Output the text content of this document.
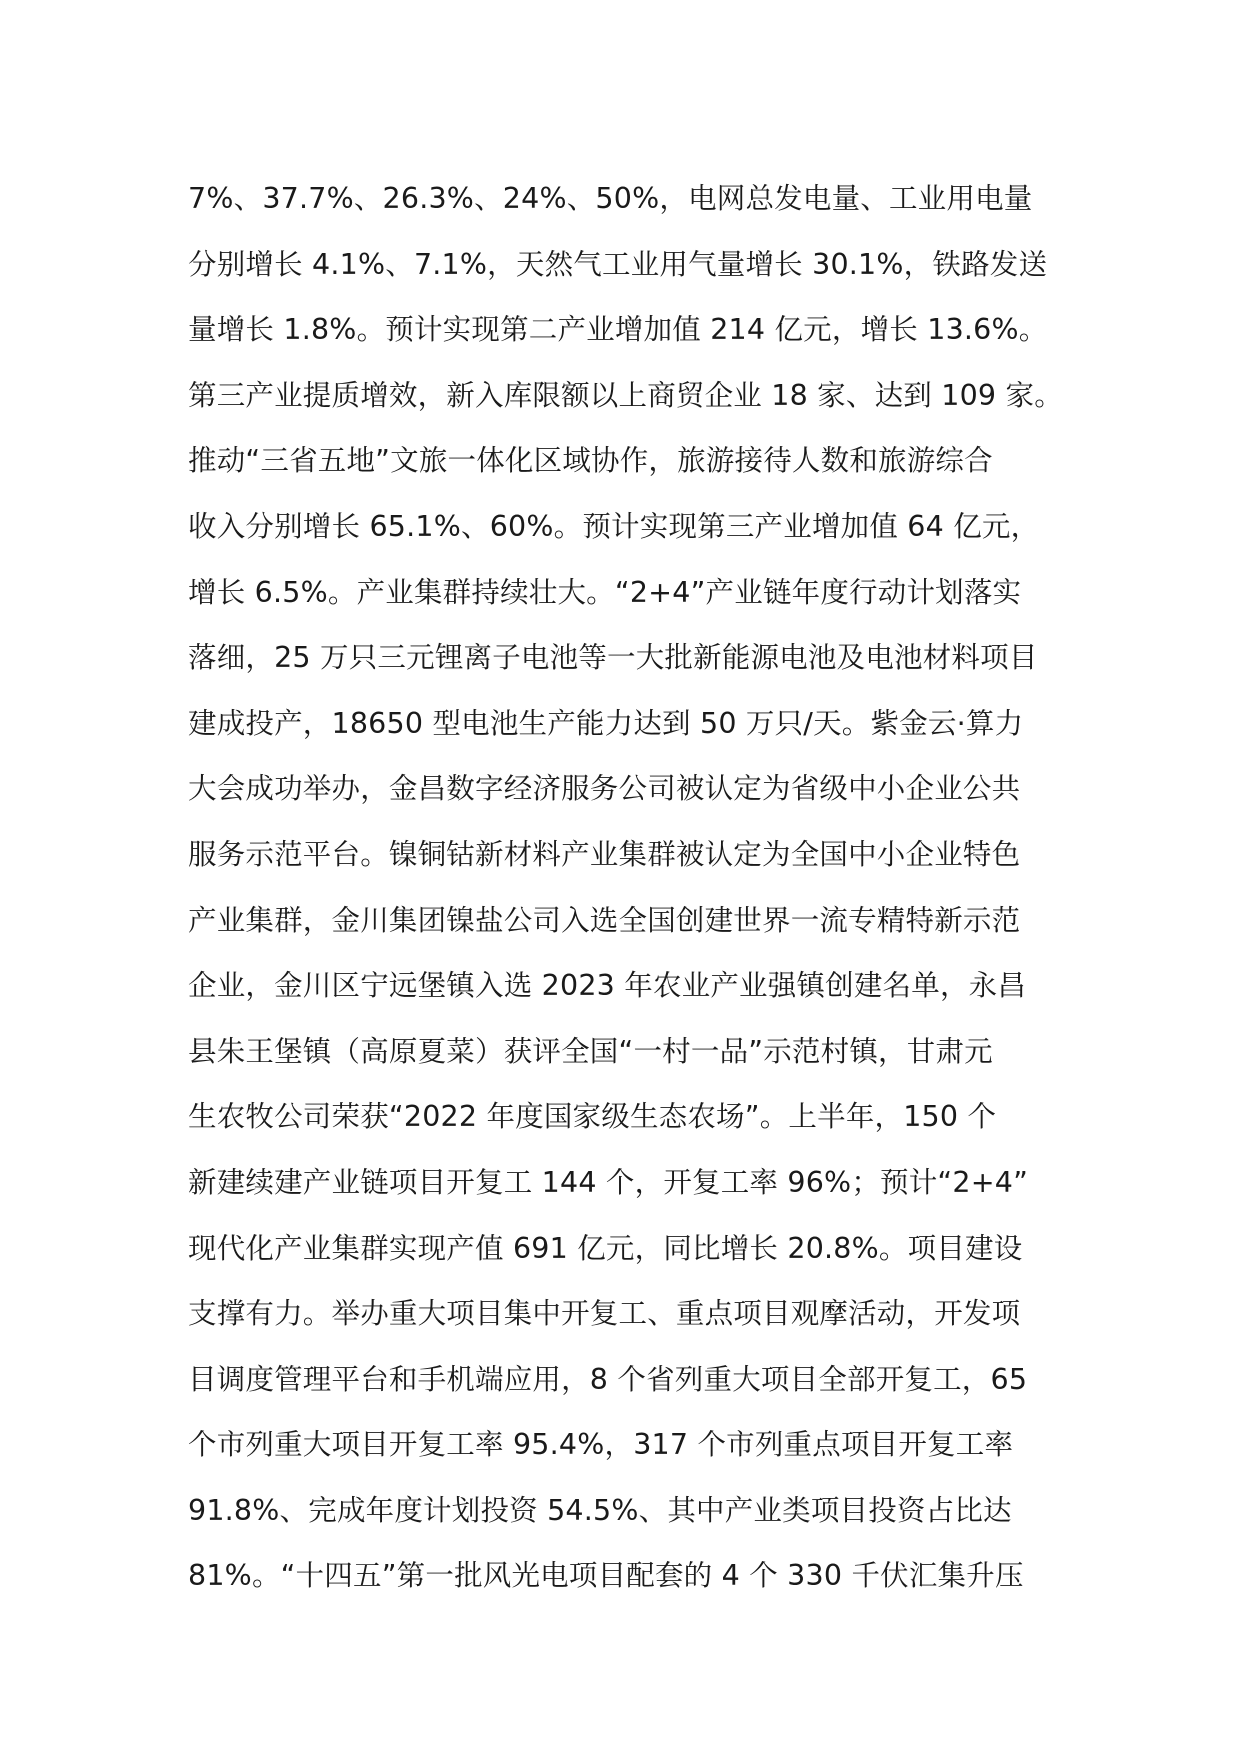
7%、37.7%、26.3%、24%、50%，电网总发电量、工业用电量
分别增长 4.1%、7.1%，天然气工业用气量增长 30.1%，铁路发送
量增长 1.8%。预计实现第二产业增加值 214 亿元，增长 13.6%。
第三产业提质增效，新入库限额以上商贸企业 18 家、达到 109 家。
推动“三省五地”文旅一体化区域协作，旅游接待人数和旅游综合
收入分别增长 65.1%、60%。预计实现第三产业增加值 64 亿元，
增长 6.5%。产业集群持续壮大。“2+4”产业链年度行动计划落实
落细，25 万只三元锂离子电池等一大批新能源电池及电池材料项目
建成投产，18650 型电池生产能力达到 50 万只/天。紫金云·算力
大会成功举办，金昌数字经济服务公司被认定为省级中小企业公共
服务示范平台。镍铜钴新材料产业集群被认定为全国中小企业特色
产业集群，金川集团镍盐公司入选全国创建世界一流专精特新示范
企业，金川区宁远堡镇入选 2023 年农业产业强镇创建名单，永昌
县朱王堡镇（高原夏菜）获评全国“一村一品”示范村镇，甘肃元
生农牧公司荣获“2022 年度国家级生态农场”。上半年，150 个
新建续建产业链项目开复工 144 个，开复工率 96%；预计“2+4”
现代化产业集群实现产值 691 亿元，同比增长 20.8%。项目建设
支撑有力。举办重大项目集中开复工、重点项目观摩活动，开发项
目调度管理平台和手机端应用，8 个省列重大项目全部开复工，65
个市列重大项目开复工率 95.4%，317 个市列重点项目开复工率
91.8%、完成年度计划投资 54.5%、其中产业类项目投资占比达
81%。“十四五”第一批风光电项目配套的 4 个 330 千伏汇集升压
